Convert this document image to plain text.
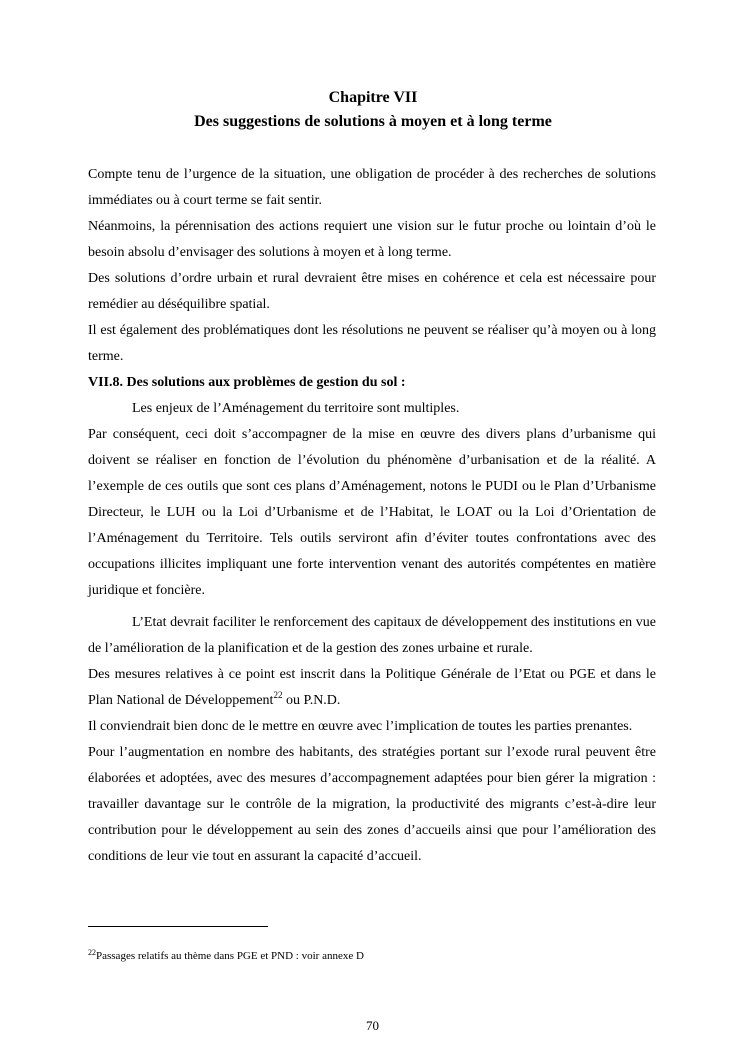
Chapitre VII
Des suggestions de solutions à moyen et à long terme

Compte tenu de l’urgence de la situation, une obligation de procéder à des recherches de solutions immédiates ou à court terme se fait sentir.

Néanmoins, la pérennisation des actions requiert une vision sur le futur proche ou lointain d’où le besoin absolu d’envisager des solutions à moyen et à long terme.

Des solutions d’ordre urbain et rural devraient être mises en cohérence et cela est nécessaire pour remédier au déséquilibre spatial.

Il est également des problématiques dont les résolutions ne peuvent se réaliser qu’à moyen ou à long terme.

VII.8. Des solutions aux problèmes de gestion du sol :

Les enjeux de l’Aménagement du territoire sont multiples.

Par conséquent, ceci doit s’accompagner de la mise en œuvre des divers plans d’urbanisme qui doivent se réaliser en fonction de l’évolution du phénomène d’urbanisation et de la réalité. A l’exemple de ces outils que sont ces plans d’Aménagement, notons le PUDI ou le Plan d’Urbanisme Directeur, le LUH ou la Loi d’Urbanisme et de l’Habitat, le LOAT ou la Loi d’Orientation de l’Aménagement du Territoire. Tels outils serviront afin d’éviter toutes confrontations avec des occupations illicites impliquant une forte intervention venant des autorités compétentes en matière juridique et foncière.

L’Etat devrait faciliter le renforcement des capitaux de développement des institutions en vue de l’amélioration de la planification et de la gestion des zones urbaine et rurale.

Des mesures relatives à ce point est inscrit dans la Politique Générale de l’Etat ou PGE et dans le Plan National de Développement$^{22}$ ou P.N.D.

Il conviendrait bien donc de le mettre en œuvre avec l’implication de toutes les parties prenantes.

Pour l’augmentation en nombre des habitants, des stratégies portant sur l’exode rural peuvent être élaborées et adoptées, avec des mesures d’accompagnement adaptées pour bien gérer la migration : travailler davantage sur le contrôle de la migration, la productivité des migrants c’est-à-dire leur contribution pour le développement au sein des zones d’accueils ainsi que pour l’amélioration des conditions de leur vie tout en assurant la capacité d’accueil.

$^{22}$Passages relatifs au thème dans PGE et PND : voir annexe D
70
